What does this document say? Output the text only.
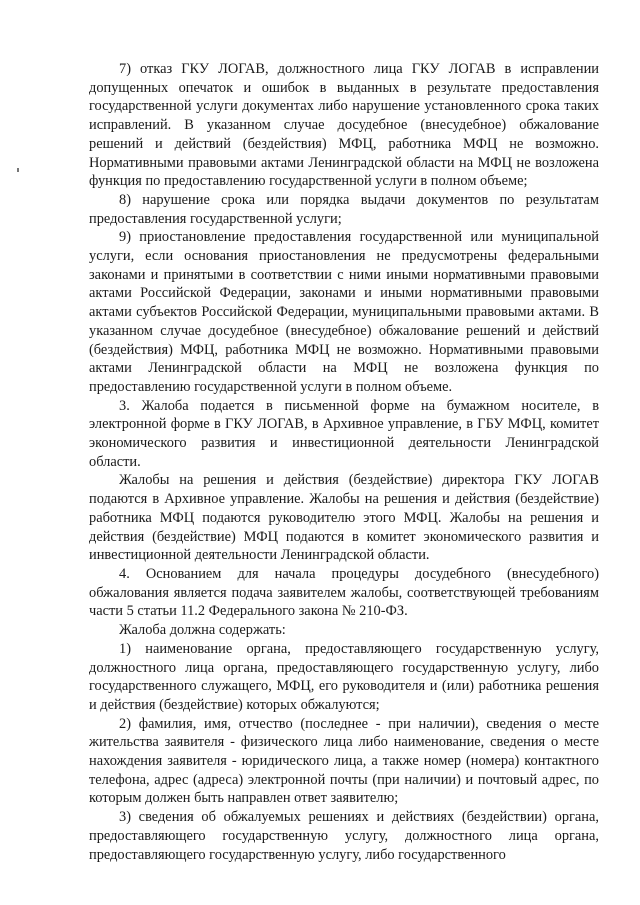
7) отказ ГКУ ЛОГАВ, должностного лица ГКУ ЛОГАВ в исправлении допущенных опечаток и ошибок в выданных в результате предоставления государственной услуги документах либо нарушение установленного срока таких исправлений. В указанном случае досудебное (внесудебное) обжалование решений и действий (бездействия) МФЦ, работника МФЦ не возможно. Нормативными правовыми актами Ленинградской области на МФЦ не возложена функция по предоставлению государственной услуги в полном объеме;

8) нарушение срока или порядка выдачи документов по результатам предоставления государственной услуги;

9) приостановление предоставления государственной или муниципальной услуги, если основания приостановления не предусмотрены федеральными законами и принятыми в соответствии с ними иными нормативными правовыми актами Российской Федерации, законами и иными нормативными правовыми актами субъектов Российской Федерации, муниципальными правовыми актами. В указанном случае досудебное (внесудебное) обжалование решений и действий (бездействия) МФЦ, работника МФЦ не возможно. Нормативными правовыми актами Ленинградской области на МФЦ не возложена функция по предоставлению государственной услуги в полном объеме.

3. Жалоба подается в письменной форме на бумажном носителе, в электронной форме в ГКУ ЛОГАВ, в Архивное управление, в ГБУ МФЦ, комитет экономического развития и инвестиционной деятельности Ленинградской области.

Жалобы на решения и действия (бездействие) директора ГКУ ЛОГАВ подаются в Архивное управление. Жалобы на решения и действия (бездействие) работника МФЦ подаются руководителю этого МФЦ. Жалобы на решения и действия (бездействие) МФЦ подаются в комитет экономического развития и инвестиционной деятельности Ленинградской области.

4. Основанием для начала процедуры досудебного (внесудебного) обжалования является подача заявителем жалобы, соответствующей требованиям части 5 статьи 11.2 Федерального закона № 210-ФЗ.

Жалоба должна содержать:

1) наименование органа, предоставляющего государственную услугу, должностного лица органа, предоставляющего государственную услугу, либо государственного служащего, МФЦ, его руководителя и (или) работника решения и действия (бездействие) которых обжалуются;

2) фамилия, имя, отчество (последнее - при наличии), сведения о месте жительства заявителя - физического лица либо наименование, сведения о месте нахождения заявителя - юридического лица, а также номер (номера) контактного телефона, адрес (адреса) электронной почты (при наличии) и почтовый адрес, по которым должен быть направлен ответ заявителю;

3) сведения об обжалуемых решениях и действиях (бездействии) органа, предоставляющего государственную услугу, должностного лица органа, предоставляющего государственную услугу, либо государственного
